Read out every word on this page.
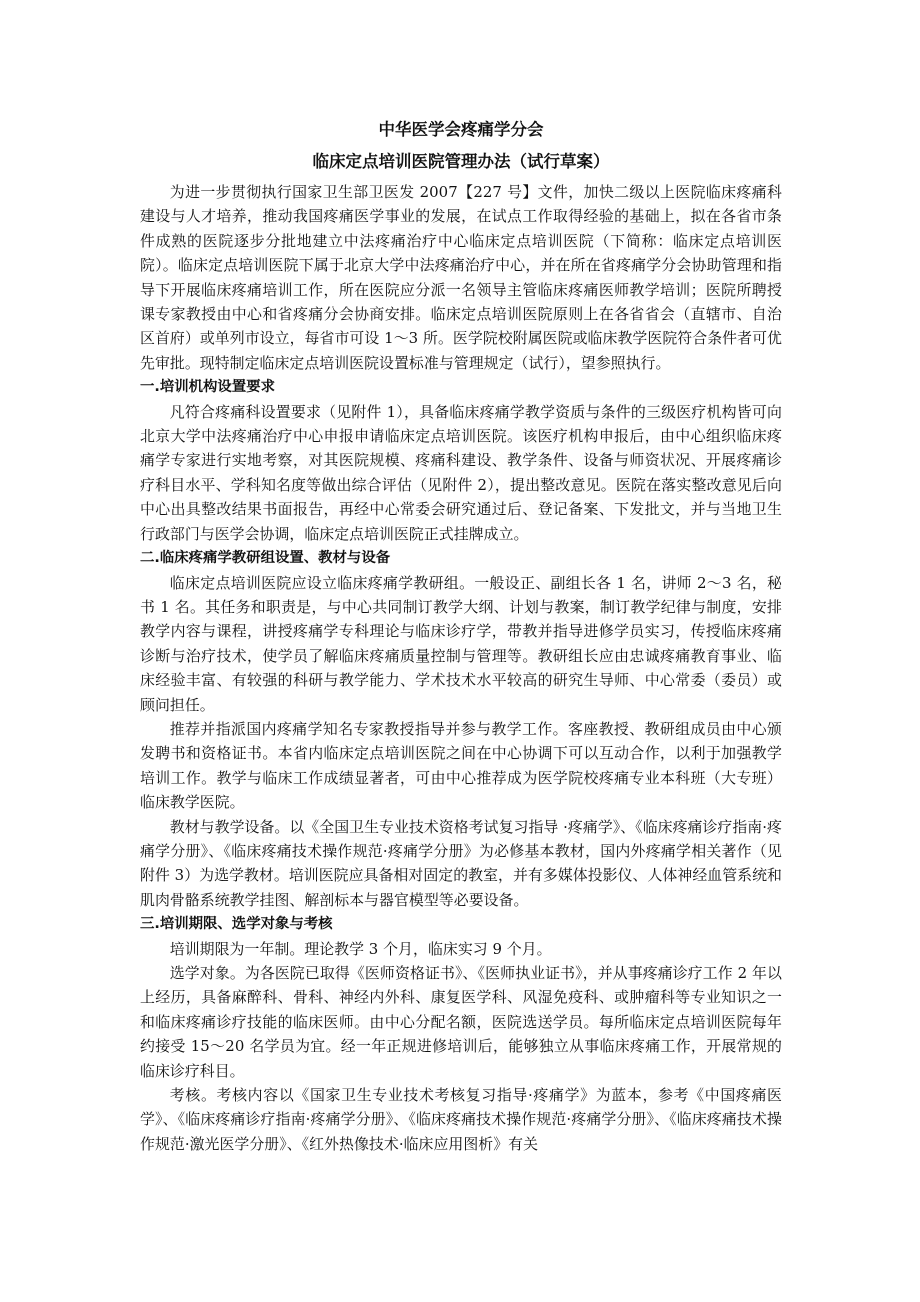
中华医学会疼痛学分会
临床定点培训医院管理办法（试行草案）

为进一步贯彻执行国家卫生部卫医发 2007【227 号】文件，加快二级以上医院临床疼痛科建设与人才培养，推动我国疼痛医学事业的发展，在试点工作取得经验的基础上，拟在各省市条件成熟的医院逐步分批地建立中法疼痛治疗中心临床定点培训医院（下简称：临床定点培训医院）。临床定点培训医院下属于北京大学中法疼痛治疗中心，并在所在省疼痛学分会协助管理和指导下开展临床疼痛培训工作，所在医院应分派一名领导主管临床疼痛医师教学培训；医院所聘授课专家教授由中心和省疼痛分会协商安排。临床定点培训医院原则上在各省省会（直辖市、自治区首府）或单列市设立，每省市可设 1～3 所。医学院校附属医院或临床教学医院符合条件者可优先审批。现特制定临床定点培训医院设置标准与管理规定（试行），望参照执行。

一.培训机构设置要求

凡符合疼痛科设置要求（见附件 1），具备临床疼痛学教学资质与条件的三级医疗机构皆可向北京大学中法疼痛治疗中心申报申请临床定点培训医院。该医疗机构申报后，由中心组织临床疼痛学专家进行实地考察，对其医院规模、疼痛科建设、教学条件、设备与师资状况、开展疼痛诊疗科目水平、学科知名度等做出综合评估（见附件 2），提出整改意见。医院在落实整改意见后向中心出具整改结果书面报告，再经中心常委会研究通过后、登记备案、下发批文，并与当地卫生行政部门与医学会协调，临床定点培训医院正式挂牌成立。

二.临床疼痛学教研组设置、教材与设备

临床定点培训医院应设立临床疼痛学教研组。一般设正、副组长各 1 名，讲师 2～3 名，秘书 1 名。其任务和职责是，与中心共同制订教学大纲、计划与教案，制订教学纪律与制度，安排教学内容与课程，讲授疼痛学专科理论与临床诊疗学，带教并指导进修学员实习，传授临床疼痛诊断与治疗技术，使学员了解临床疼痛质量控制与管理等。教研组长应由忠诚疼痛教育事业、临床经验丰富、有较强的科研与教学能力、学术技术水平较高的研究生导师、中心常委（委员）或顾问担任。

推荐并指派国内疼痛学知名专家教授指导并参与教学工作。客座教授、教研组成员由中心颁发聘书和资格证书。本省内临床定点培训医院之间在中心协调下可以互动合作，以利于加强教学培训工作。教学与临床工作成绩显著者，可由中心推荐成为医学院校疼痛专业本科班（大专班）临床教学医院。

教材与教学设备。以《全国卫生专业技术资格考试复习指导 ·疼痛学》、《临床疼痛诊疗指南·疼痛学分册》、《临床疼痛技术操作规范·疼痛学分册》为必修基本教材，国内外疼痛学相关著作（见附件 3）为选学教材。培训医院应具备相对固定的教室，并有多媒体投影仪、人体神经血管系统和肌肉骨骼系统教学挂图、解剖标本与器官模型等必要设备。

三.培训期限、选学对象与考核

培训期限为一年制。理论教学 3 个月，临床实习 9 个月。

选学对象。为各医院已取得《医师资格证书》、《医师执业证书》，并从事疼痛诊疗工作 2 年以上经历，具备麻醉科、骨科、神经内外科、康复医学科、风湿免疫科、或肿瘤科等专业知识之一和临床疼痛诊疗技能的临床医师。由中心分配名额，医院选送学员。每所临床定点培训医院每年约接受 15～20 名学员为宜。经一年正规进修培训后，能够独立从事临床疼痛工作，开展常规的临床诊疗科目。

考核。考核内容以《国家卫生专业技术考核复习指导·疼痛学》为蓝本，参考《中国疼痛医学》、《临床疼痛诊疗指南·疼痛学分册》、《临床疼痛技术操作规范·疼痛学分册》、《临床疼痛技术操作规范·激光医学分册》、《红外热像技术·临床应用图析》有关
